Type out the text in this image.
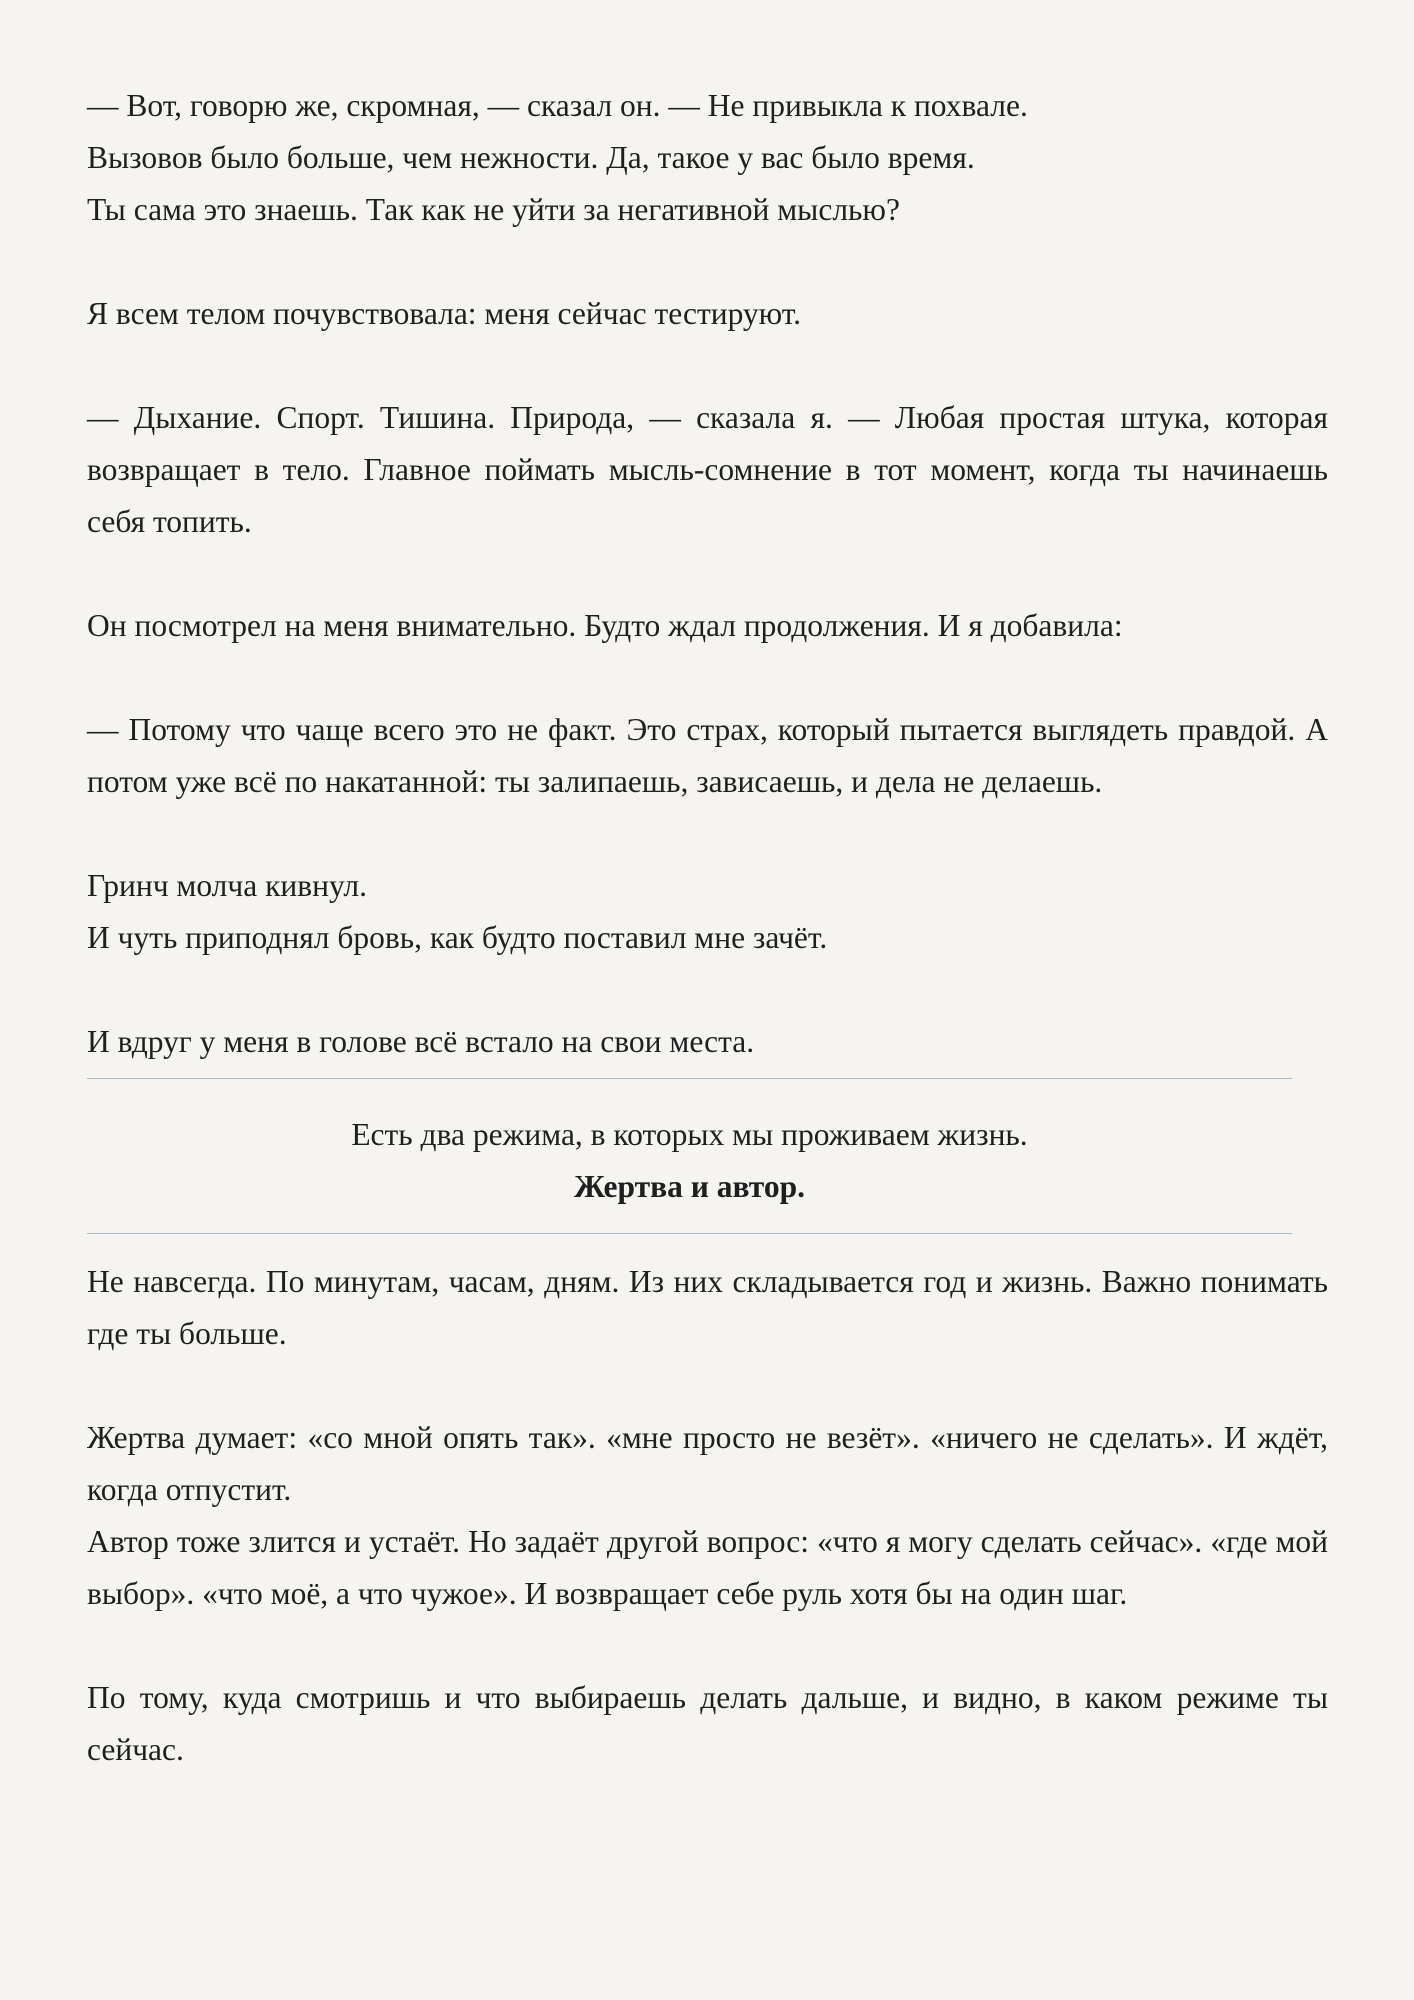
— Вот, говорю же, скромная, — сказал он. — Не привыкла к похвале.
Вызовов было больше, чем нежности. Да, такое у вас было время.
Ты сама это знаешь. Так как не уйти за негативной мыслью?

Я всем телом почувствовала: меня сейчас тестируют.

— Дыхание. Спорт. Тишина. Природа, — сказала я. — Любая простая штука, которая возвращает в тело. Главное поймать мысль-сомнение в тот момент, когда ты начинаешь себя топить.

Он посмотрел на меня внимательно. Будто ждал продолжения. И я добавила:

— Потому что чаще всего это не факт. Это страх, который пытается выглядеть правдой. А потом уже всё по накатанной: ты залипаешь, зависаешь, и дела не делаешь.

Гринч молча кивнул.
И чуть приподнял бровь, как будто поставил мне зачёт.

И вдруг у меня в голове всё встало на свои места.

Есть два режима, в которых мы проживаем жизнь.
Жертва и автор.

Не навсегда. По минутам, часам, дням. Из них складывается год и жизнь. Важно понимать где ты больше.

Жертва думает: «со мной опять так». «мне просто не везёт». «ничего не сделать». И ждёт, когда отпустит.

Автор тоже злится и устаёт. Но задаёт другой вопрос: «что я могу сделать сейчас». «где мой выбор». «что моё, а что чужое». И возвращает себе руль хотя бы на один шаг.

По тому, куда смотришь и что выбираешь делать дальше, и видно, в каком режиме ты сейчас.
